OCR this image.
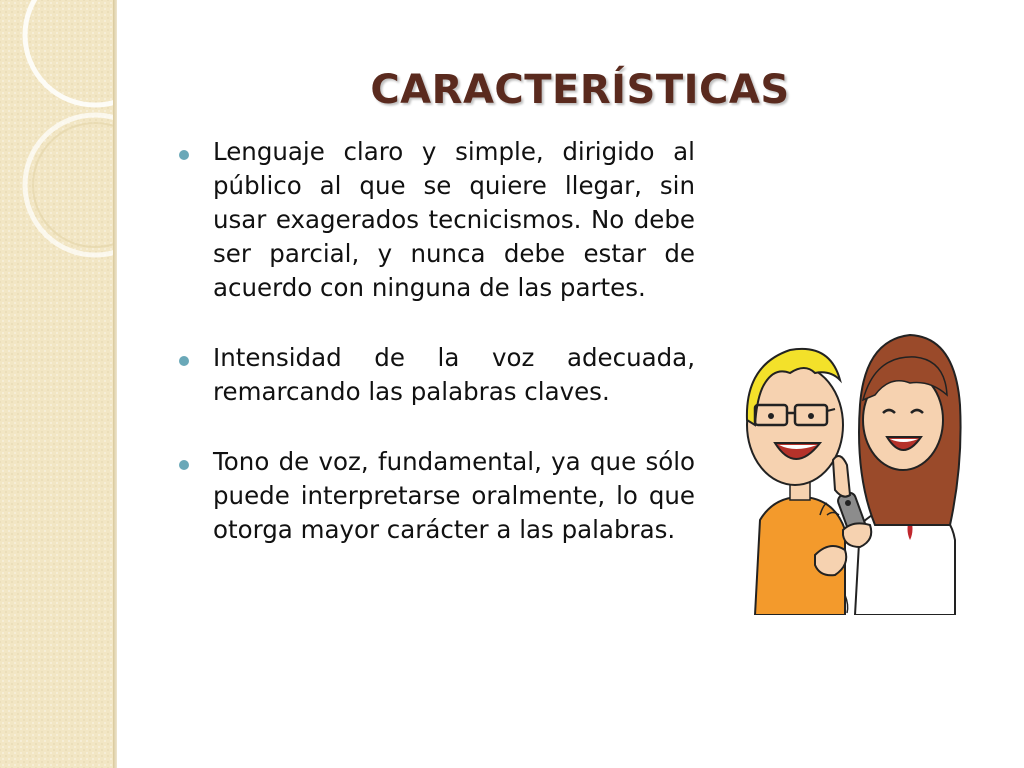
CARACTERÍSTICAS
Lenguaje claro y simple, dirigido al público al que se quiere llegar, sin usar exagerados tecnicismos. No debe ser parcial, y nunca debe estar de acuerdo con ninguna de las partes.
Intensidad de la voz adecuada, remarcando las palabras claves.
Tono de voz, fundamental, ya que sólo puede interpretarse oralmente, lo que otorga mayor carácter a las palabras.
